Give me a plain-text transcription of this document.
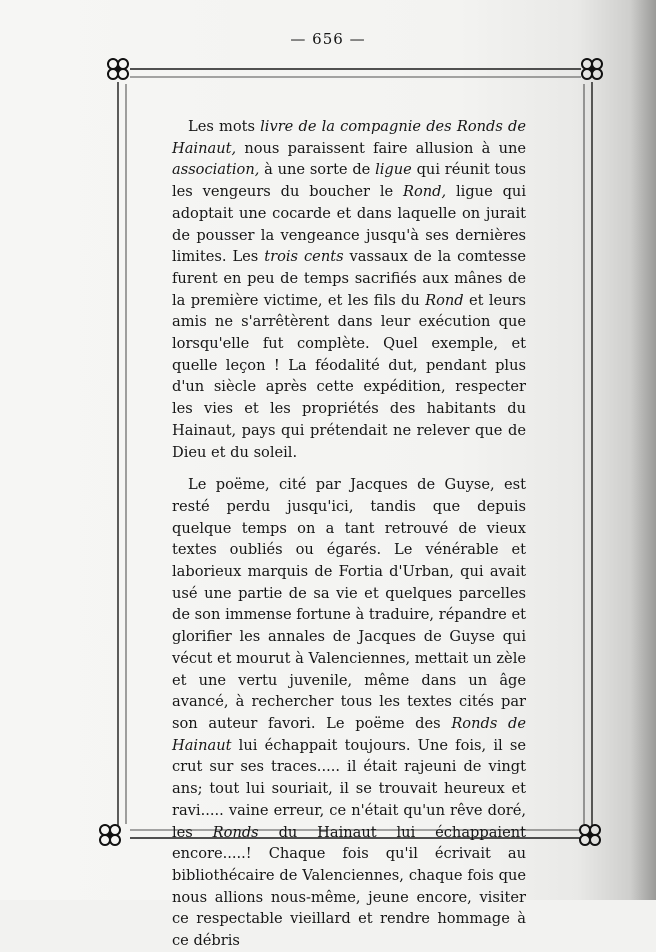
— 656 —

Les mots livre de la compagnie des Ronds de Hainaut, nous paraissent faire allusion à une association, à une sorte de ligue qui réunit tous les vengeurs du boucher le Rond, ligue qui adoptait une cocarde et dans laquelle on jurait de pousser la vengeance jusqu'à ses dernières limites. Les trois cents vassaux de la comtesse furent en peu de temps sacrifiés aux mânes de la première victime, et les fils du Rond et leurs amis ne s'arrêtèrent dans leur exécution que lorsqu'elle fut complète. Quel exemple, et quelle leçon ! La féodalité dut, pendant plus d'un siècle après cette expédition, respecter les vies et les propriétés des habitants du Hainaut, pays qui prétendait ne relever que de Dieu et du soleil.

Le poëme, cité par Jacques de Guyse, est resté perdu jusqu'ici, tandis que depuis quelque temps on a tant retrouvé de vieux textes oubliés ou égarés. Le vénérable et laborieux marquis de Fortia d'Urban, qui avait usé une partie de sa vie et quelques parcelles de son immense fortune à traduire, répandre et glorifier les annales de Jacques de Guyse qui vécut et mourut à Valenciennes, mettait un zèle et une vertu juvenile, même dans un âge avancé, à rechercher tous les textes cités par son auteur favori. Le poëme des Ronds de Hainaut lui échappait toujours. Une fois, il se crut sur ses traces..... il était rajeuni de vingt ans; tout lui souriait, il se trouvait heureux et ravi..... vaine erreur, ce n'était qu'un rêve doré, les Ronds du Hainaut lui échappaient encore.....! Chaque fois qu'il écrivait au bibliothécaire de Valenciennes, chaque fois que nous allions nous-même, jeune encore, visiter ce respectable vieillard et rendre hommage à ce débris
